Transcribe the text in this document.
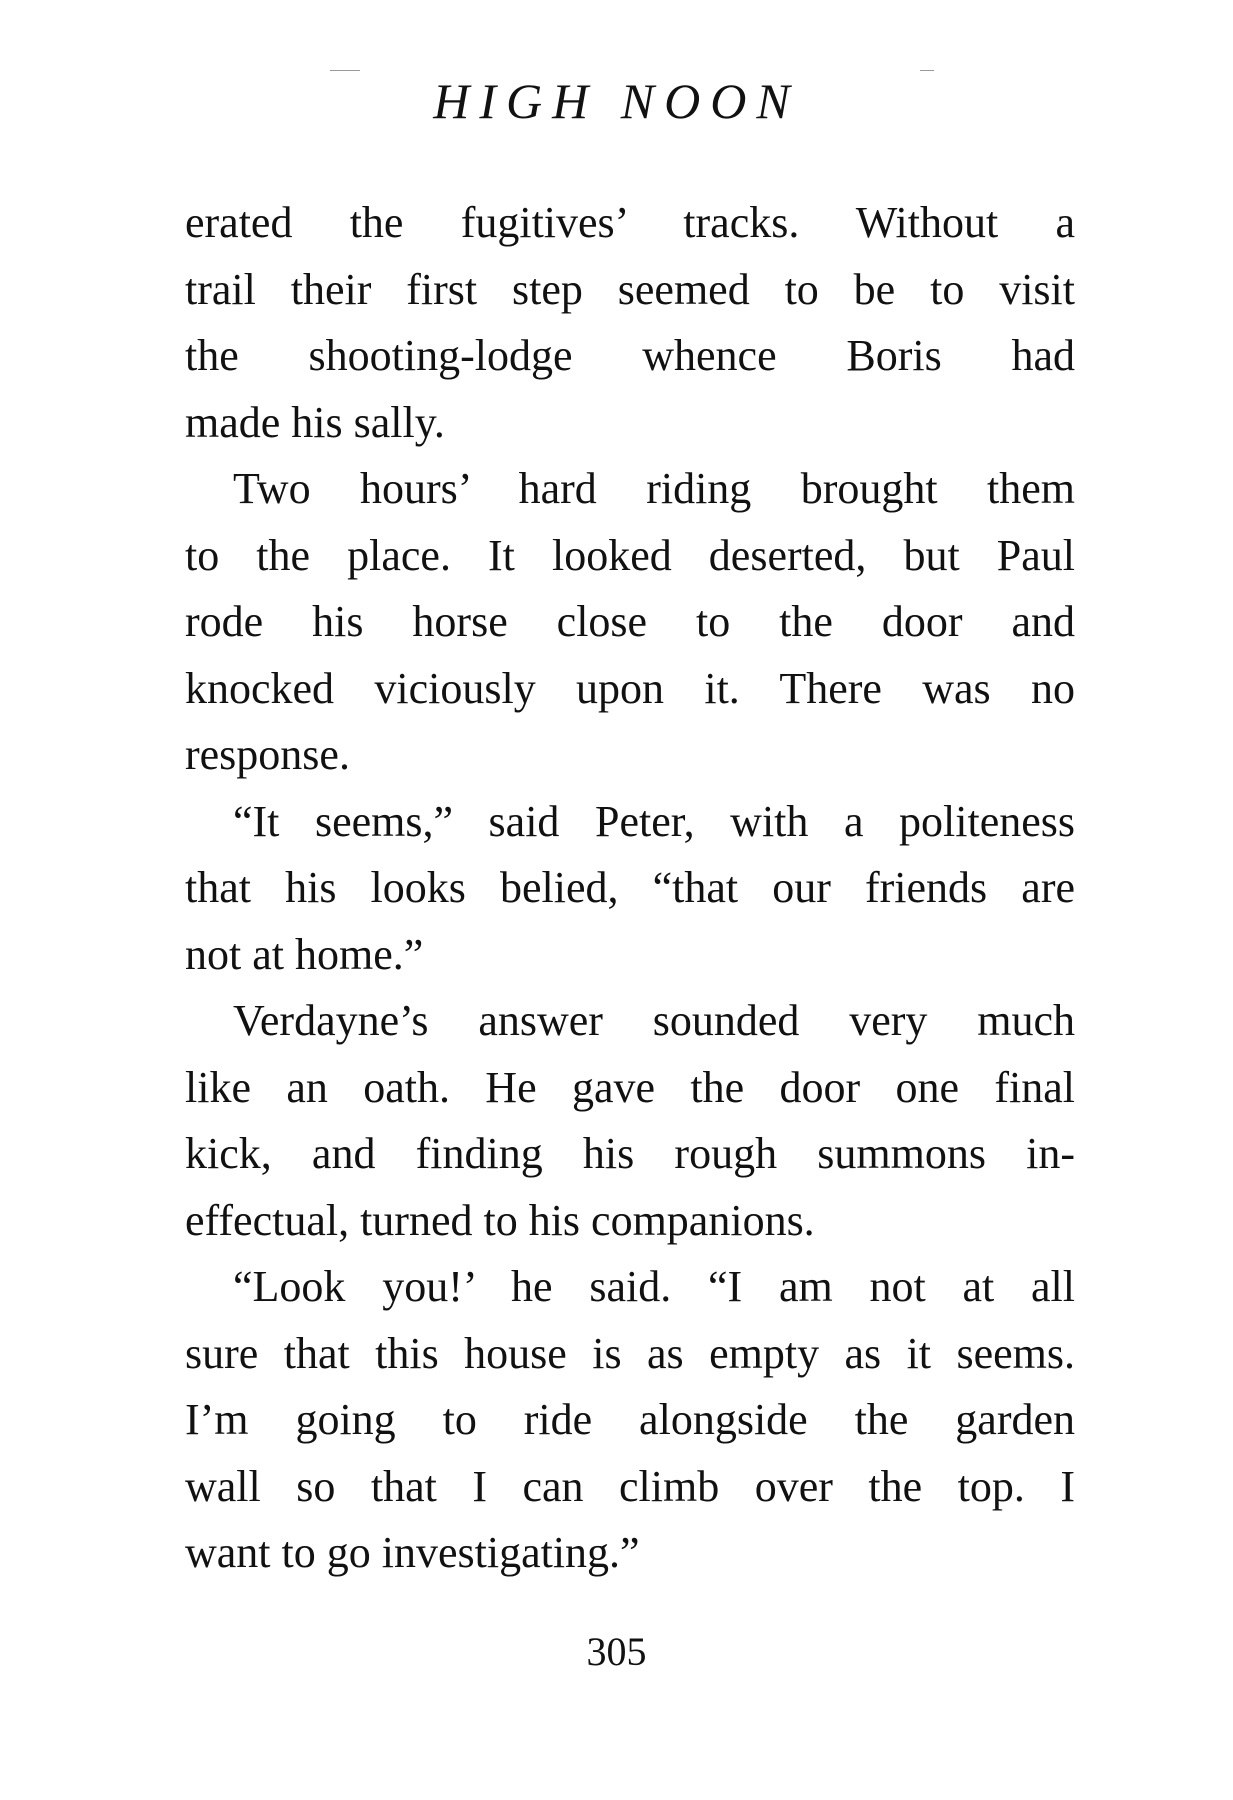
HIGH NOON

erated the fugitives’ tracks. Without a

trail their first step seemed to be to visit

the shooting-lodge whence Boris had

made his sally.

Two hours’ hard riding brought them

to the place. It looked deserted, but Paul

rode his horse close to the door and

knocked viciously upon it. There was no

response.

“It seems,” said Peter, with a politeness

that his looks belied, “that our friends are

not at home.”

Verdayne’s answer sounded very much

like an oath. He gave the door one final

kick, and finding his rough summons in-

effectual, turned to his companions.

“Look you!’ he said. “I am not at all

sure that this house is as empty as it seems.

I’m going to ride alongside the garden

wall so that I can climb over the top. I

want to go investigating.”

305
